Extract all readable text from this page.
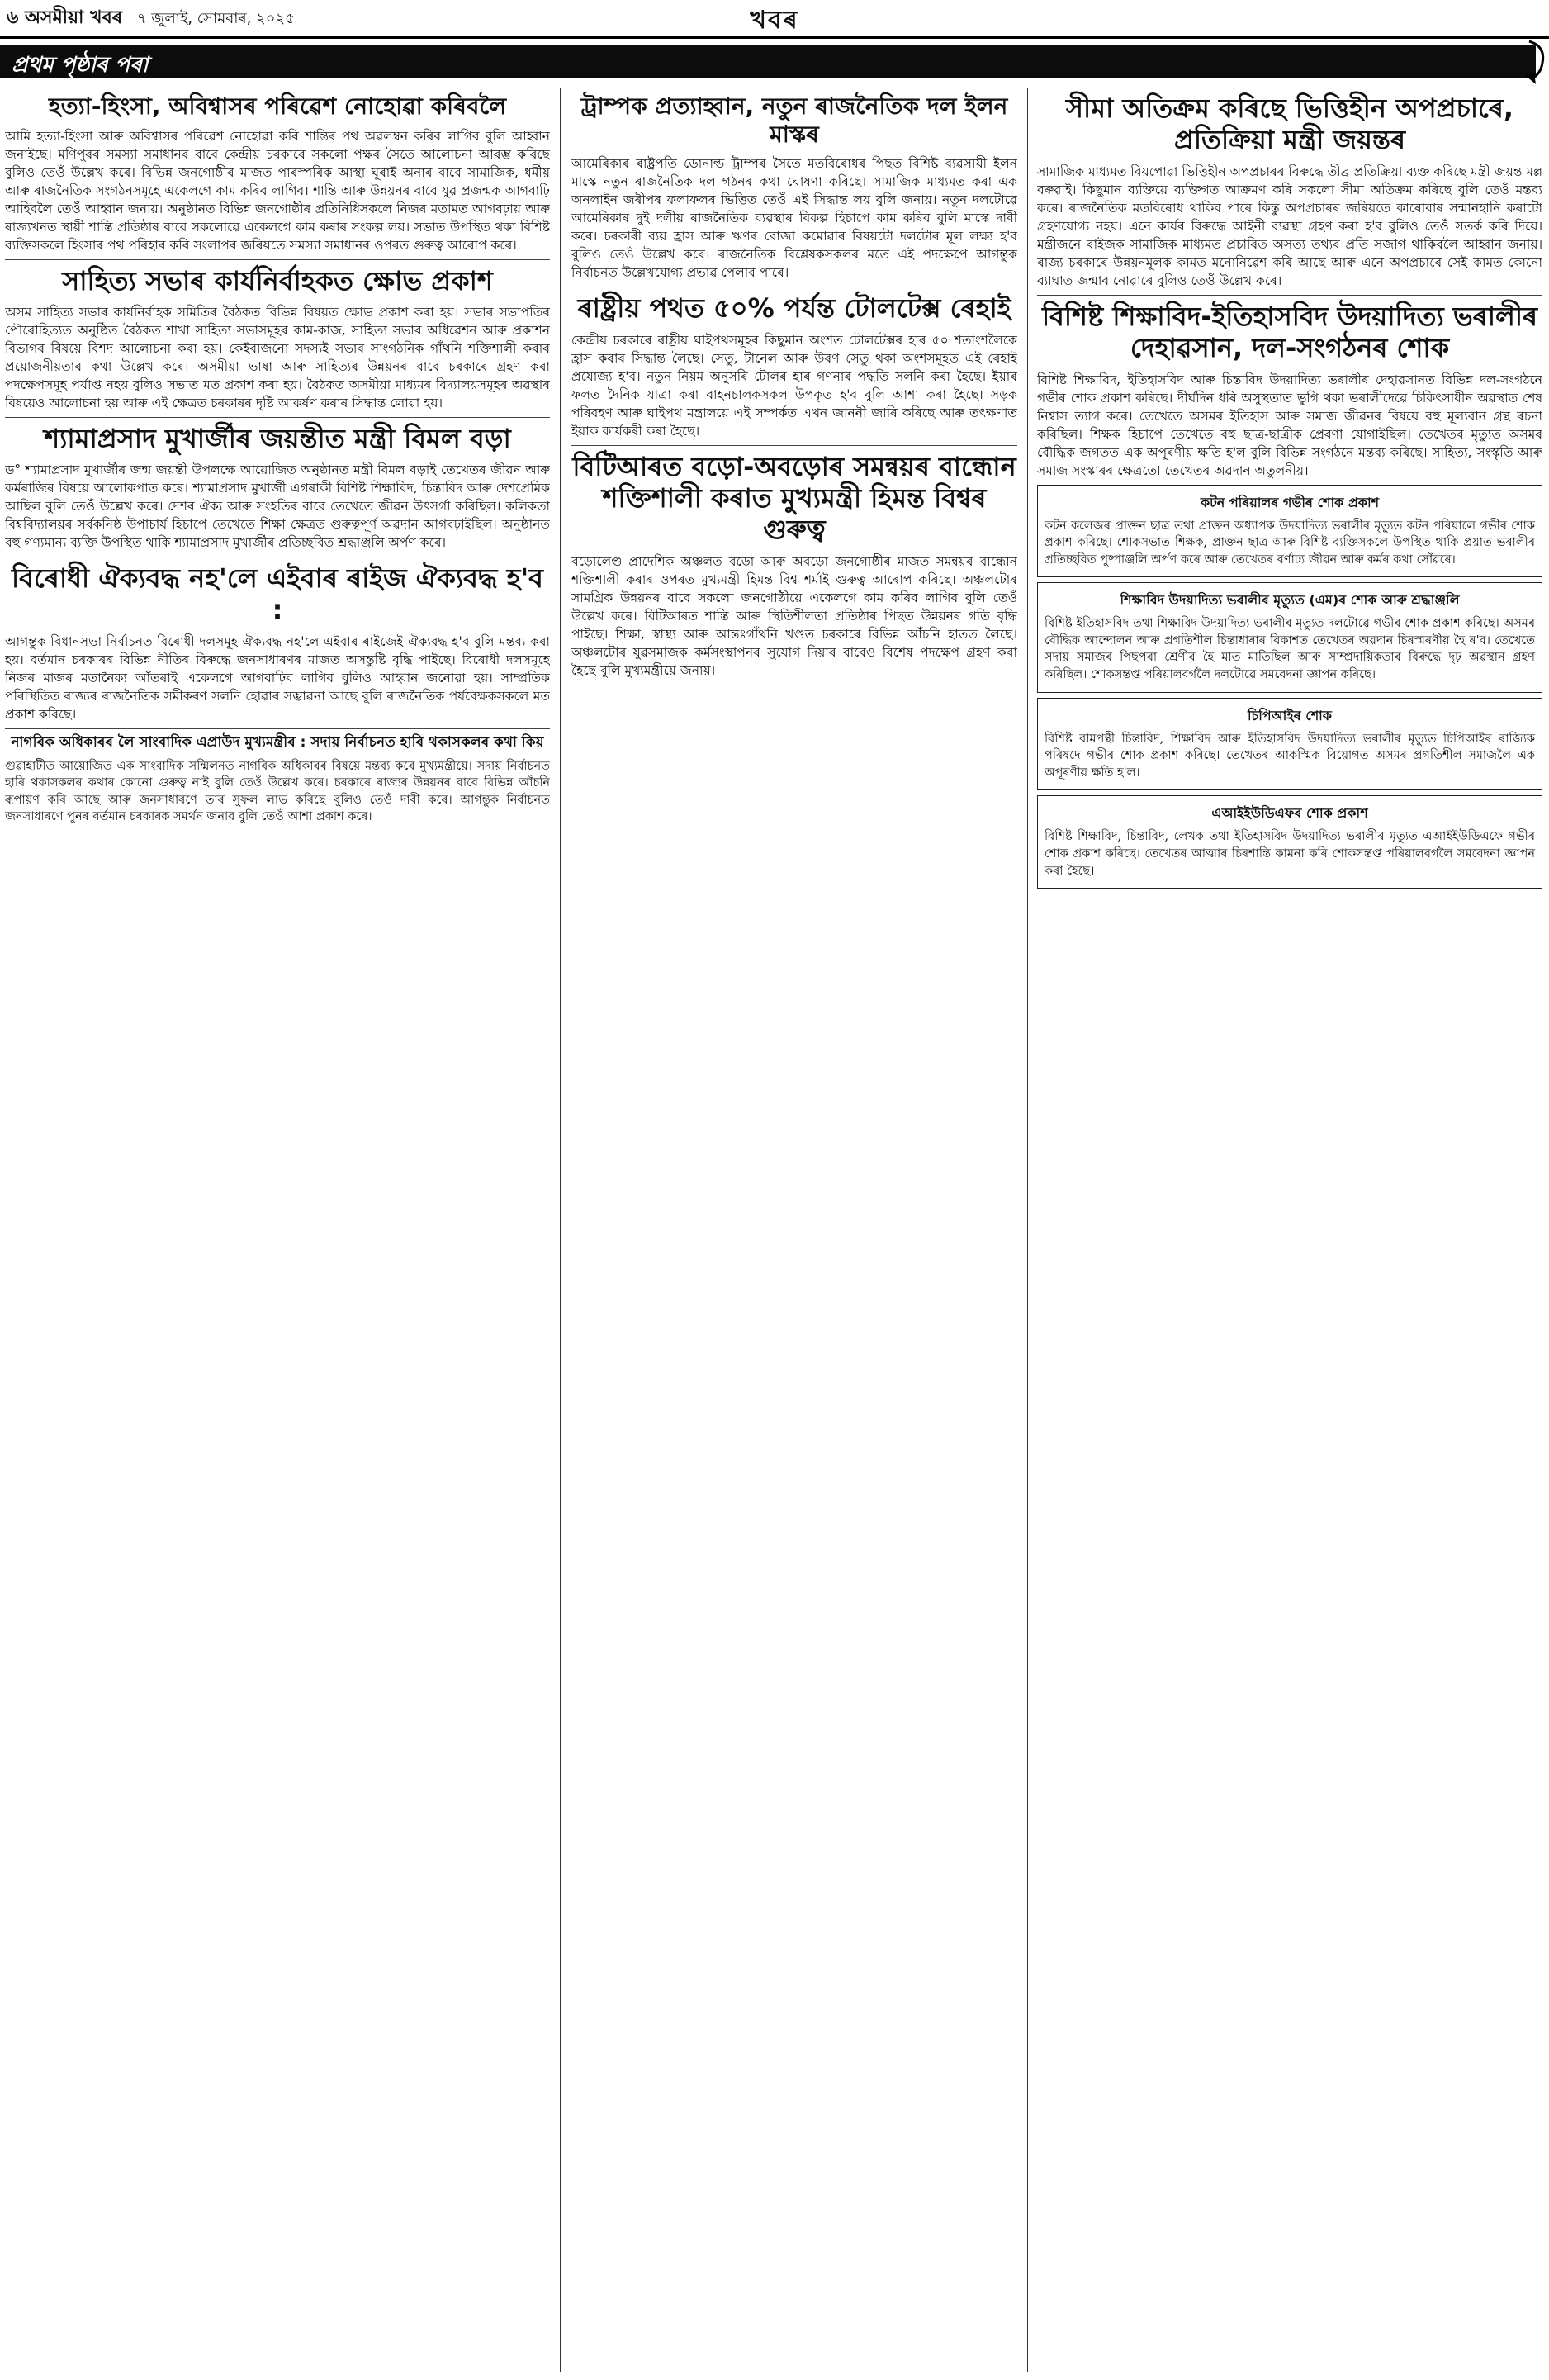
৬ অসমীয়া খবৰ ৭ জুলাই, সোমবাৰ, ২০২৫	খবৰ
প্ৰথম পৃষ্ঠাৰ পৰা
হত্যা-হিংসা, অবিশ্বাসৰ পৰিৱেশ নোহোৱা কৰিবলৈ

আমি হত্যা-হিংসা আৰু অবিশ্বাসৰ পৰিৱেশ নোহোৱা কৰি শান্তিৰ পথ অৱলম্বন কৰিব লাগিব বুলি আহ্বান জনাইছে। মণিপুৰৰ সমস্যা সমাধানৰ বাবে কেন্দ্ৰীয় চৰকাৰে সকলো পক্ষৰ সৈতে আলোচনা আৰম্ভ কৰিছে বুলিও তেওঁ উল্লেখ কৰে। বিভিন্ন জনগোষ্ঠীৰ মাজত পাৰস্পৰিক আস্থা ঘূৰাই অনাৰ বাবে সামাজিক, ধৰ্মীয় আৰু ৰাজনৈতিক সংগঠনসমূহে একেলগে কাম কৰিব লাগিব। শান্তি আৰু উন্নয়নৰ বাবে যুৱ প্ৰজন্মক আগবাঢ়ি আহিবলৈ তেওঁ আহ্বান জনায়। অনুষ্ঠানত বিভিন্ন জনগোষ্ঠীৰ প্ৰতিনিধিসকলে নিজৰ মতামত আগবঢ়ায় আৰু ৰাজ্যখনত স্থায়ী শান্তি প্ৰতিষ্ঠাৰ বাবে সকলোৱে একেলগে কাম কৰাৰ সংকল্প লয়। সভাত উপস্থিত থকা বিশিষ্ট ব্যক্তিসকলে হিংসাৰ পথ পৰিহাৰ কৰি সংলাপৰ জৰিয়তে সমস্যা সমাধানৰ ওপৰত গুৰুত্ব আৰোপ কৰে।

সাহিত্য সভাৰ কাৰ্যনিৰ্বাহকত ক্ষোভ প্ৰকাশ

অসম সাহিত্য সভাৰ কাৰ্যনিৰ্বাহক সমিতিৰ বৈঠকত বিভিন্ন বিষয়ত ক্ষোভ প্ৰকাশ কৰা হয়। সভাৰ সভাপতিৰ পৌৰোহিত্যত অনুষ্ঠিত বৈঠকত শাখা সাহিত্য সভাসমূহৰ কাম-কাজ, সাহিত্য সভাৰ অধিৱেশন আৰু প্ৰকাশন বিভাগৰ বিষয়ে বিশদ আলোচনা কৰা হয়। কেইবাজনো সদস্যই সভাৰ সাংগঠনিক গাঁথনি শক্তিশালী কৰাৰ প্ৰয়োজনীয়তাৰ কথা উল্লেখ কৰে। অসমীয়া ভাষা আৰু সাহিত্যৰ উন্নয়নৰ বাবে চৰকাৰে গ্ৰহণ কৰা পদক্ষেপসমূহ পৰ্যাপ্ত নহয় বুলিও সভাত মত প্ৰকাশ কৰা হয়। বৈঠকত অসমীয়া মাধ্যমৰ বিদ্যালয়সমূহৰ অৱস্থাৰ বিষয়েও আলোচনা হয় আৰু এই ক্ষেত্ৰত চৰকাৰৰ দৃষ্টি আকৰ্ষণ কৰাৰ সিদ্ধান্ত লোৱা হয়।

শ্যামাপ্ৰসাদ মুখাৰ্জীৰ জয়ন্তীত মন্ত্ৰী বিমল বড়া

ড° শ্যামাপ্ৰসাদ মুখাৰ্জীৰ জন্ম জয়ন্তী উপলক্ষে আয়োজিত অনুষ্ঠানত মন্ত্ৰী বিমল বড়াই তেখেতৰ জীৱন আৰু কৰ্মৰাজিৰ বিষয়ে আলোকপাত কৰে। শ্যামাপ্ৰসাদ মুখাৰ্জী এগৰাকী বিশিষ্ট শিক্ষাবিদ, চিন্তাবিদ আৰু দেশপ্ৰেমিক আছিল বুলি তেওঁ উল্লেখ কৰে। দেশৰ ঐক্য আৰু সংহতিৰ বাবে তেখেতে জীৱন উৎসৰ্গা কৰিছিল। কলিকতা বিশ্ববিদ্যালয়ৰ সৰ্বকনিষ্ঠ উপাচাৰ্য হিচাপে তেখেতে শিক্ষা ক্ষেত্ৰত গুৰুত্বপূৰ্ণ অৱদান আগবঢ়াইছিল। অনুষ্ঠানত বহু গণ্যমান্য ব্যক্তি উপস্থিত থাকি শ্যামাপ্ৰসাদ মুখাৰ্জীৰ প্ৰতিচ্ছবিত শ্ৰদ্ধাঞ্জলি অৰ্পণ কৰে।

বিৰোধী ঐক্যবদ্ধ নহ'লে এইবাৰ ৰাইজ ঐক্যবদ্ধ হ'ব :

আগন্তুক বিধানসভা নিৰ্বাচনত বিৰোধী দলসমূহ ঐক্যবদ্ধ নহ'লে এইবাৰ ৰাইজেই ঐক্যবদ্ধ হ'ব বুলি মন্তব্য কৰা হয়। বৰ্তমান চৰকাৰৰ বিভিন্ন নীতিৰ বিৰুদ্ধে জনসাধাৰণৰ মাজত অসন্তুষ্টি বৃদ্ধি পাইছে। বিৰোধী দলসমূহে নিজৰ মাজৰ মতানৈক্য আঁতৰাই একেলগে আগবাঢ়িব লাগিব বুলিও আহ্বান জনোৱা হয়। সাম্প্ৰতিক পৰিস্থিতিত ৰাজ্যৰ ৰাজনৈতিক সমীকৰণ সলনি হোৱাৰ সম্ভাৱনা আছে বুলি ৰাজনৈতিক পৰ্যবেক্ষকসকলে মত প্ৰকাশ কৰিছে।

নাগৰিক অধিকাৰৰ লৈ সাংবাদিক এপ্ৰাউদ মুখ্যমন্ত্ৰীৰ : সদায় নিৰ্বাচনত হাৰি থকাসকলৰ কথা কিয়

গুৱাহাটীত আয়োজিত এক সাংবাদিক সন্মিলনত নাগৰিক অধিকাৰৰ বিষয়ে মন্তব্য কৰে মুখ্যমন্ত্ৰীয়ে। সদায় নিৰ্বাচনত হাৰি থকাসকলৰ কথাৰ কোনো গুৰুত্ব নাই বুলি তেওঁ উল্লেখ কৰে। চৰকাৰে ৰাজ্যৰ উন্নয়নৰ বাবে বিভিন্ন আঁচনি ৰূপায়ণ কৰি আছে আৰু জনসাধাৰণে তাৰ সুফল লাভ কৰিছে বুলিও তেওঁ দাবী কৰে। আগন্তুক নিৰ্বাচনত জনসাধাৰণে পুনৰ বৰ্তমান চৰকাৰক সমৰ্থন জনাব বুলি তেওঁ আশা প্ৰকাশ কৰে।

ট্ৰাম্পক প্ৰত্যাহ্বান, নতুন ৰাজনৈতিক দল ইলন মাস্কৰ

আমেৰিকাৰ ৰাষ্ট্ৰপতি ডোনাল্ড ট্ৰাম্পৰ সৈতে মতবিৰোধৰ পিছত বিশিষ্ট ব্যৱসায়ী ইলন মাস্কে নতুন ৰাজনৈতিক দল গঠনৰ কথা ঘোষণা কৰিছে। সামাজিক মাধ্যমত কৰা এক অনলাইন জৰীপৰ ফলাফলৰ ভিত্তিত তেওঁ এই সিদ্ধান্ত লয় বুলি জনায়। নতুন দলটোৱে আমেৰিকাৰ দুই দলীয় ৰাজনৈতিক ব্যৱস্থাৰ বিকল্প হিচাপে কাম কৰিব বুলি মাস্কে দাবী কৰে। চৰকাৰী ব্যয় হ্ৰাস আৰু ঋণৰ বোজা কমোৱাৰ বিষয়টো দলটোৰ মূল লক্ষ্য হ'ব বুলিও তেওঁ উল্লেখ কৰে। ৰাজনৈতিক বিশ্লেষকসকলৰ মতে এই পদক্ষেপে আগন্তুক নিৰ্বাচনত উল্লেখযোগ্য প্ৰভাৱ পেলাব পাৰে।

ৰাষ্ট্ৰীয় পথত ৫০% পৰ্যন্ত টোলটেক্স ৰেহাই

কেন্দ্ৰীয় চৰকাৰে ৰাষ্ট্ৰীয় ঘাইপথসমূহৰ কিছুমান অংশত টোলটেক্সৰ হাৰ ৫০ শতাংশলৈকে হ্ৰাস কৰাৰ সিদ্ধান্ত লৈছে। সেতু, টানেল আৰু উৰণ সেতু থকা অংশসমূহত এই ৰেহাই প্ৰযোজ্য হ'ব। নতুন নিয়ম অনুসৰি টোলৰ হাৰ গণনাৰ পদ্ধতি সলনি কৰা হৈছে। ইয়াৰ ফলত দৈনিক যাত্ৰা কৰা বাহনচালকসকল উপকৃত হ'ব বুলি আশা কৰা হৈছে। সড়ক পৰিবহণ আৰু ঘাইপথ মন্ত্ৰালয়ে এই সম্পৰ্কত এখন জাননী জাৰি কৰিছে আৰু তৎক্ষণাত ইয়াক কাৰ্যকৰী কৰা হৈছে।

বিটিআৰত বড়ো-অবড়োৰ সমন্বয়ৰ বান্ধোন শক্তিশালী কৰাত মুখ্যমন্ত্ৰী হিমন্ত বিশ্বৰ গুৰুত্ব

বড়োলেণ্ড প্ৰাদেশিক অঞ্চলত বড়ো আৰু অবড়ো জনগোষ্ঠীৰ মাজত সমন্বয়ৰ বান্ধোন শক্তিশালী কৰাৰ ওপৰত মুখ্যমন্ত্ৰী হিমন্ত বিশ্ব শৰ্মাই গুৰুত্ব আৰোপ কৰিছে। অঞ্চলটোৰ সামগ্ৰিক উন্নয়নৰ বাবে সকলো জনগোষ্ঠীয়ে একেলগে কাম কৰিব লাগিব বুলি তেওঁ উল্লেখ কৰে। বিটিআৰত শান্তি আৰু স্থিতিশীলতা প্ৰতিষ্ঠাৰ পিছত উন্নয়নৰ গতি বৃদ্ধি পাইছে। শিক্ষা, স্বাস্থ্য আৰু আন্তঃগাঁথনি খণ্ডত চৰকাৰে বিভিন্ন আঁচনি হাতত লৈছে। অঞ্চলটোৰ যুৱসমাজক কৰ্মসংস্থাপনৰ সুযোগ দিয়াৰ বাবেও বিশেষ পদক্ষেপ গ্ৰহণ কৰা হৈছে বুলি মুখ্যমন্ত্ৰীয়ে জনায়।

সীমা অতিক্ৰম কৰিছে ভিত্তিহীন অপপ্ৰচাৰে, প্ৰতিক্ৰিয়া মন্ত্ৰী জয়ন্তৰ

সামাজিক মাধ্যমত বিয়পোৱা ভিত্তিহীন অপপ্ৰচাৰৰ বিৰুদ্ধে তীব্ৰ প্ৰতিক্ৰিয়া ব্যক্ত কৰিছে মন্ত্ৰী জয়ন্ত মল্ল বৰুৱাই। কিছুমান ব্যক্তিয়ে ব্যক্তিগত আক্ৰমণ কৰি সকলো সীমা অতিক্ৰম কৰিছে বুলি তেওঁ মন্তব্য কৰে। ৰাজনৈতিক মতবিৰোধ থাকিব পাৰে কিন্তু অপপ্ৰচাৰৰ জৰিয়তে কাৰোবাৰ সন্মানহানি কৰাটো গ্ৰহণযোগ্য নহয়। এনে কাৰ্যৰ বিৰুদ্ধে আইনী ব্যৱস্থা গ্ৰহণ কৰা হ'ব বুলিও তেওঁ সতৰ্ক কৰি দিয়ে। মন্ত্ৰীজনে ৰাইজক সামাজিক মাধ্যমত প্ৰচাৰিত অসত্য তথ্যৰ প্ৰতি সজাগ থাকিবলৈ আহ্বান জনায়। ৰাজ্য চৰকাৰে উন্নয়নমূলক কামত মনোনিৱেশ কৰি আছে আৰু এনে অপপ্ৰচাৰে সেই কামত কোনো ব্যাঘাত জন্মাব নোৱাৰে বুলিও তেওঁ উল্লেখ কৰে।

বিশিষ্ট শিক্ষাবিদ-ইতিহাসবিদ উদয়াদিত্য ভৰালীৰ দেহাৱসান, দল-সংগঠনৰ শোক

বিশিষ্ট শিক্ষাবিদ, ইতিহাসবিদ আৰু চিন্তাবিদ উদয়াদিত্য ভৰালীৰ দেহাৱসানত বিভিন্ন দল-সংগঠনে গভীৰ শোক প্ৰকাশ কৰিছে। দীৰ্ঘদিন ধৰি অসুস্থতাত ভুগি থকা ভৰালীদেৱে চিকিৎসাধীন অৱস্থাত শেষ নিশ্বাস ত্যাগ কৰে। তেখেতে অসমৰ ইতিহাস আৰু সমাজ জীৱনৰ বিষয়ে বহু মূল্যবান গ্ৰন্থ ৰচনা কৰিছিল। শিক্ষক হিচাপে তেখেতে বহু ছাত্ৰ-ছাত্ৰীক প্ৰেৰণা যোগাইছিল। তেখেতৰ মৃত্যুত অসমৰ বৌদ্ধিক জগতত এক অপূৰণীয় ক্ষতি হ'ল বুলি বিভিন্ন সংগঠনে মন্তব্য কৰিছে। সাহিত্য, সংস্কৃতি আৰু সমাজ সংস্কাৰৰ ক্ষেত্ৰতো তেখেতৰ অৱদান অতুলনীয়।

কটন পৰিয়ালৰ গভীৰ শোক প্ৰকাশ

কটন কলেজৰ প্ৰাক্তন ছাত্ৰ তথা প্ৰাক্তন অধ্যাপক উদয়াদিত্য ভৰালীৰ মৃত্যুত কটন পৰিয়ালে গভীৰ শোক প্ৰকাশ কৰিছে। শোকসভাত শিক্ষক, প্ৰাক্তন ছাত্ৰ আৰু বিশিষ্ট ব্যক্তিসকলে উপস্থিত থাকি প্ৰয়াত ভৰালীৰ প্ৰতিচ্ছবিত পুষ্পাঞ্জলি অৰ্পণ কৰে আৰু তেখেতৰ বৰ্ণাঢ্য জীৱন আৰু কৰ্মৰ কথা সোঁৱৰে।

শিক্ষাবিদ উদয়াদিত্য ভৰালীৰ মৃত্যুত (এম)ৰ শোক আৰু শ্ৰদ্ধাঞ্জলি

বিশিষ্ট ইতিহাসবিদ তথা শিক্ষাবিদ উদয়াদিত্য ভৰালীৰ মৃত্যুত দলটোৱে গভীৰ শোক প্ৰকাশ কৰিছে। অসমৰ বৌদ্ধিক আন্দোলন আৰু প্ৰগতিশীল চিন্তাধাৰাৰ বিকাশত তেখেতৰ অৱদান চিৰস্মৰণীয় হৈ ৰ'ব। তেখেতে সদায় সমাজৰ পিছপৰা শ্ৰেণীৰ হৈ মাত মাতিছিল আৰু সাম্প্ৰদায়িকতাৰ বিৰুদ্ধে দৃঢ় অৱস্থান গ্ৰহণ কৰিছিল। শোকসন্তপ্ত পৰিয়ালবৰ্গলৈ দলটোৱে সমবেদনা জ্ঞাপন কৰিছে।

চিপিআইৰ শোক

বিশিষ্ট বামপন্থী চিন্তাবিদ, শিক্ষাবিদ আৰু ইতিহাসবিদ উদয়াদিত্য ভৰালীৰ মৃত্যুত চিপিআইৰ ৰাজ্যিক পৰিষদে গভীৰ শোক প্ৰকাশ কৰিছে। তেখেতৰ আকস্মিক বিয়োগত অসমৰ প্ৰগতিশীল সমাজলৈ এক অপূৰণীয় ক্ষতি হ'ল।

এআইইউডিএফৰ শোক প্ৰকাশ

বিশিষ্ট শিক্ষাবিদ, চিন্তাবিদ, লেখক তথা ইতিহাসবিদ উদয়াদিত্য ভৰালীৰ মৃত্যুত এআইইউডিএফে গভীৰ শোক প্ৰকাশ কৰিছে। তেখেতৰ আত্মাৰ চিৰশান্তি কামনা কৰি শোকসন্তপ্ত পৰিয়ালবৰ্গলৈ সমবেদনা জ্ঞাপন কৰা হৈছে।
